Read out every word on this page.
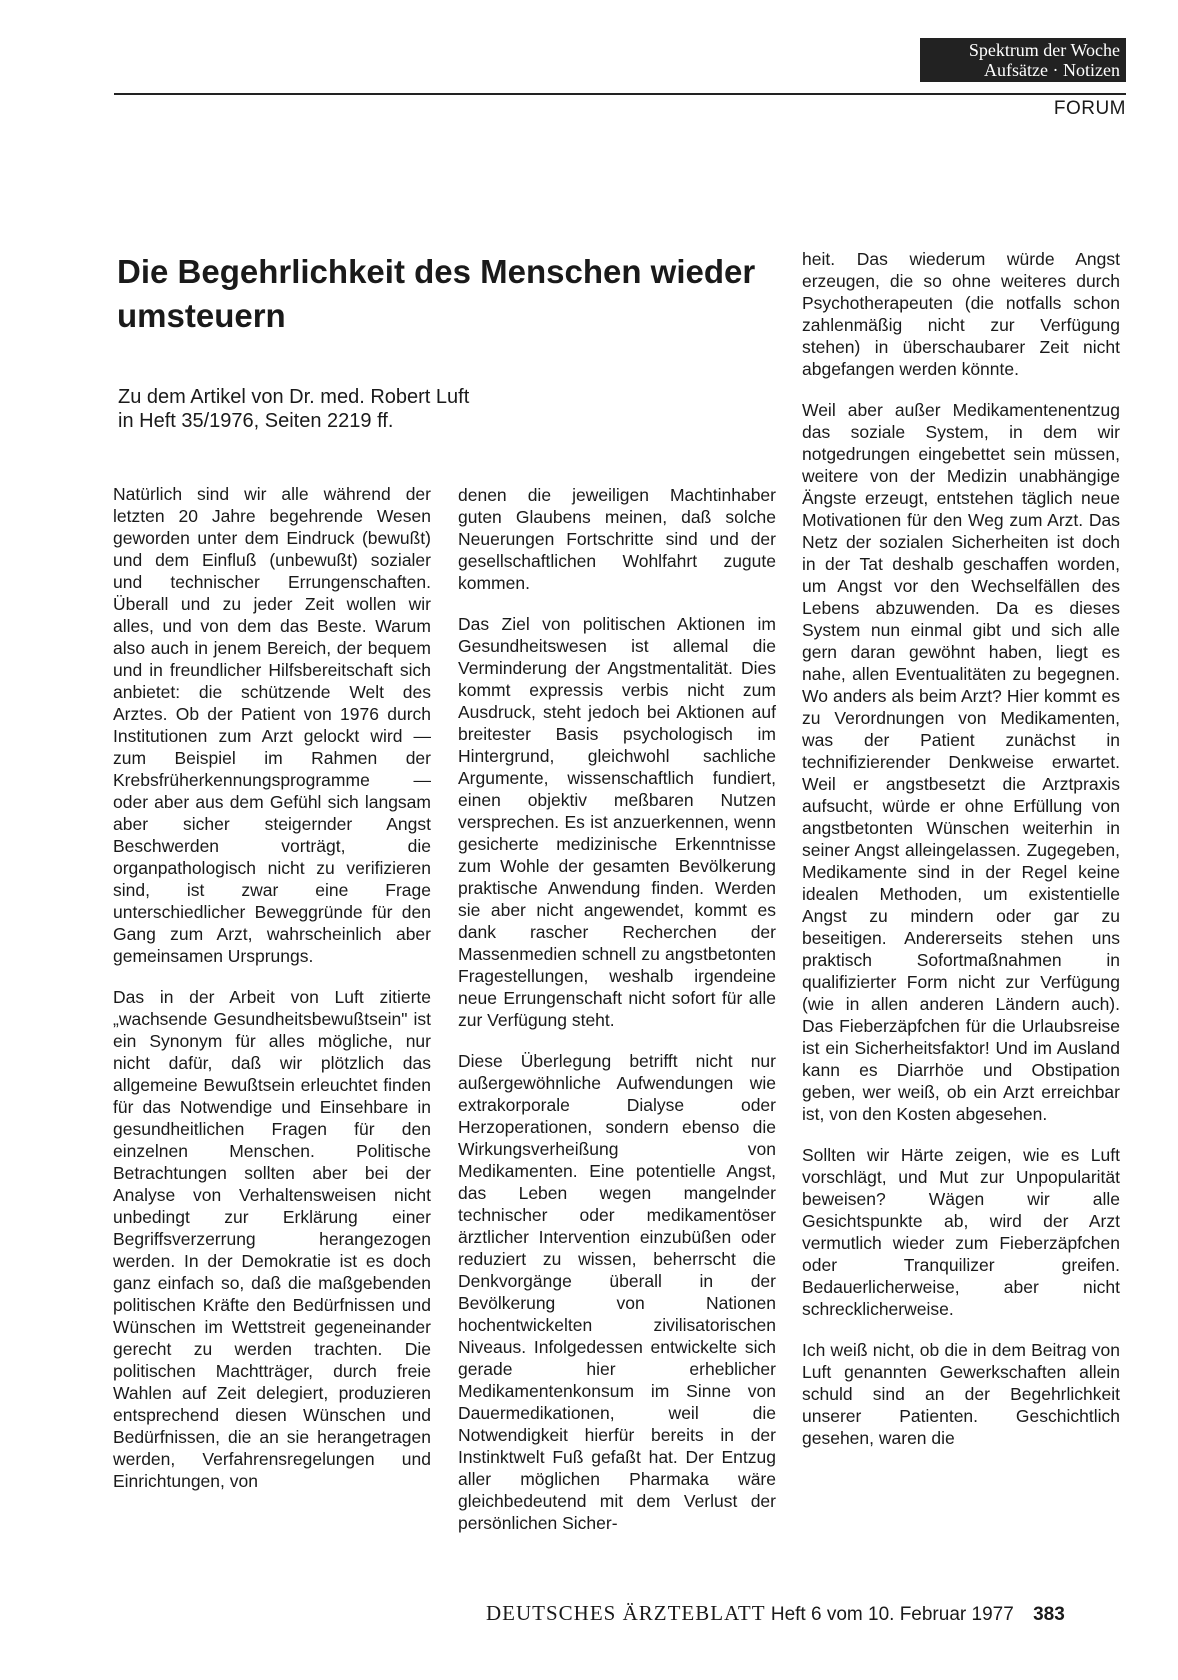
Spektrum der Woche
Aufsätze · Notizen
FORUM
Die Begehrlichkeit des Menschen wieder umsteuern
Zu dem Artikel von Dr. med. Robert Luft
in Heft 35/1976, Seiten 2219 ff.

Natürlich sind wir alle während der letzten 20 Jahre begehrende Wesen geworden unter dem Eindruck (bewußt) und dem Einfluß (unbewußt) sozialer und technischer Errungenschaften. Überall und zu jeder Zeit wollen wir alles, und von dem das Beste. Warum also auch in jenem Bereich, der bequem und in freundlicher Hilfsbereitschaft sich anbietet: die schützende Welt des Arztes. Ob der Patient von 1976 durch Institutionen zum Arzt gelockt wird — zum Beispiel im Rahmen der Krebsfrüherkennungsprogramme — oder aber aus dem Gefühl sich langsam aber sicher steigernder Angst Beschwerden vorträgt, die organpathologisch nicht zu verifizieren sind, ist zwar eine Frage unterschiedlicher Beweggründe für den Gang zum Arzt, wahrscheinlich aber gemeinsamen Ursprungs.

Das in der Arbeit von Luft zitierte „wachsende Gesundheitsbewußtsein" ist ein Synonym für alles mögliche, nur nicht dafür, daß wir plötzlich das allgemeine Bewußtsein erleuchtet finden für das Notwendige und Einsehbare in gesundheitlichen Fragen für den einzelnen Menschen. Politische Betrachtungen sollten aber bei der Analyse von Verhaltensweisen nicht unbedingt zur Erklärung einer Begriffsverzerrung herangezogen werden. In der Demokratie ist es doch ganz einfach so, daß die maßgebenden politischen Kräfte den Bedürfnissen und Wünschen im Wettstreit gegeneinander gerecht zu werden trachten. Die politischen Machtträger, durch freie Wahlen auf Zeit delegiert, produzieren entsprechend diesen Wünschen und Bedürfnissen, die an sie herangetragen werden, Verfahrensregelungen und Einrichtungen, von

denen die jeweiligen Machtinhaber guten Glaubens meinen, daß solche Neuerungen Fortschritte sind und der gesellschaftlichen Wohlfahrt zugute kommen.

Das Ziel von politischen Aktionen im Gesundheitswesen ist allemal die Verminderung der Angstmentalität. Dies kommt expressis verbis nicht zum Ausdruck, steht jedoch bei Aktionen auf breitester Basis psychologisch im Hintergrund, gleichwohl sachliche Argumente, wissenschaftlich fundiert, einen objektiv meßbaren Nutzen versprechen. Es ist anzuerkennen, wenn gesicherte medizinische Erkenntnisse zum Wohle der gesamten Bevölkerung praktische Anwendung finden. Werden sie aber nicht angewendet, kommt es dank rascher Recherchen der Massenmedien schnell zu angstbetonten Fragestellungen, weshalb irgendeine neue Errungenschaft nicht sofort für alle zur Verfügung steht.

Diese Überlegung betrifft nicht nur außergewöhnliche Aufwendungen wie extrakorporale Dialyse oder Herzoperationen, sondern ebenso die Wirkungsverheißung von Medikamenten. Eine potentielle Angst, das Leben wegen mangelnder technischer oder medikamentöser ärztlicher Intervention einzubüßen oder reduziert zu wissen, beherrscht die Denkvorgänge überall in der Bevölkerung von Nationen hochentwickelten zivilisatorischen Niveaus. Infolgedessen entwickelte sich gerade hier erheblicher Medikamentenkonsum im Sinne von Dauermedikationen, weil die Notwendigkeit hierfür bereits in der Instinktwelt Fuß gefaßt hat. Der Entzug aller möglichen Pharmaka wäre gleichbedeutend mit dem Verlust der persönlichen Sicher-

heit. Das wiederum würde Angst erzeugen, die so ohne weiteres durch Psychotherapeuten (die notfalls schon zahlenmäßig nicht zur Verfügung stehen) in überschaubarer Zeit nicht abgefangen werden könnte.

Weil aber außer Medikamentenentzug das soziale System, in dem wir notgedrungen eingebettet sein müssen, weitere von der Medizin unabhängige Ängste erzeugt, entstehen täglich neue Motivationen für den Weg zum Arzt. Das Netz der sozialen Sicherheiten ist doch in der Tat deshalb geschaffen worden, um Angst vor den Wechselfällen des Lebens abzuwenden. Da es dieses System nun einmal gibt und sich alle gern daran gewöhnt haben, liegt es nahe, allen Eventualitäten zu begegnen. Wo anders als beim Arzt? Hier kommt es zu Verordnungen von Medikamenten, was der Patient zunächst in technifizierender Denkweise erwartet. Weil er angstbesetzt die Arztpraxis aufsucht, würde er ohne Erfüllung von angstbetonten Wünschen weiterhin in seiner Angst alleingelassen. Zugegeben, Medikamente sind in der Regel keine idealen Methoden, um existentielle Angst zu mindern oder gar zu beseitigen. Andererseits stehen uns praktisch Sofortmaßnahmen in qualifizierter Form nicht zur Verfügung (wie in allen anderen Ländern auch). Das Fieberzäpfchen für die Urlaubsreise ist ein Sicherheitsfaktor! Und im Ausland kann es Diarrhöe und Obstipation geben, wer weiß, ob ein Arzt erreichbar ist, von den Kosten abgesehen.

Sollten wir Härte zeigen, wie es Luft vorschlägt, und Mut zur Unpopularität beweisen? Wägen wir alle Gesichtspunkte ab, wird der Arzt vermutlich wieder zum Fieberzäpfchen oder Tranquilizer greifen. Bedauerlicherweise, aber nicht schrecklicherweise.

Ich weiß nicht, ob die in dem Beitrag von Luft genannten Gewerkschaften allein schuld sind an der Begehrlichkeit unserer Patienten. Geschichtlich gesehen, waren die

DEUTSCHES ÄRZTEBLATT Heft 6 vom 10. Februar 1977 383
